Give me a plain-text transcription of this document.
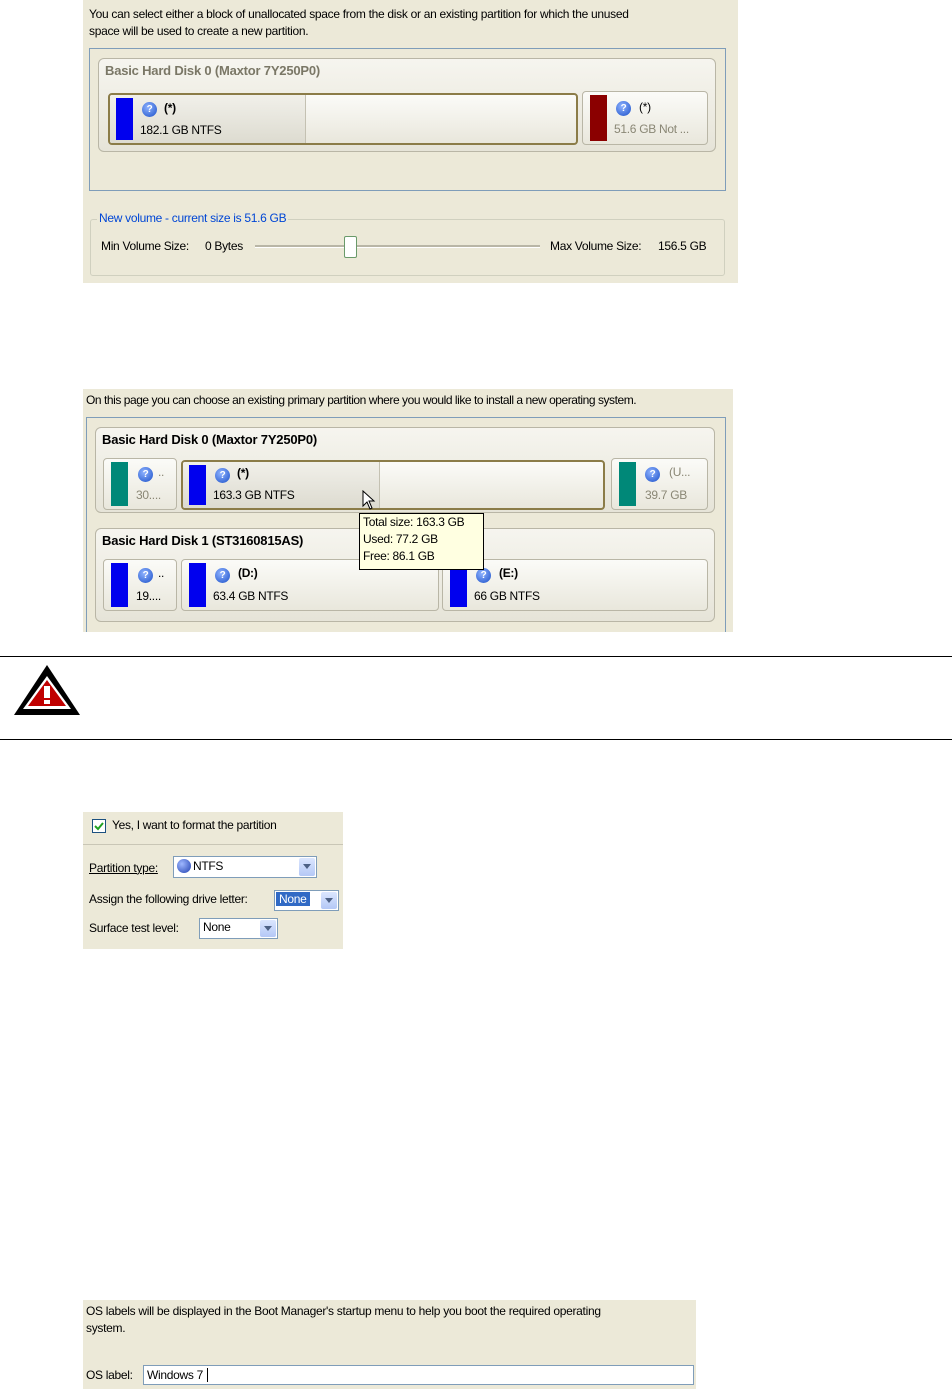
You can select either a block of unallocated space from the disk or an existing partition for which the unused
space will be used to create a new partition.
Basic Hard Disk 0 (Maxtor 7Y250P0)
? (*)
182.1 GB NTFS
?	(*)
51.6 GB Not ...
New volume - current size is 51.6 GB
Min Volume Size: 0 Bytes	Max Volume Size: 156.5 GB
On this page you can choose an existing primary partition where you would like to install a new operating system.
Basic Hard Disk 0 (Maxtor 7Y250P0)
? ..
30....
? (*)
163.3 GB NTFS
?	(U...
39.7 GB
Basic Hard Disk 1 (ST3160815AS)
? ..
19....
?	(D:)
63.4 GB NTFS
?	(E:)
66 GB NTFS
Total size: 163.3 GB
Used: 77.2 GB
Free: 86.1 GB
Yes, I want to format the partition
Partition type:	NTFS
Assign the following drive letter:	None
Surface test level: None
OS labels will be displayed in the Boot Manager's startup menu to help you boot the required operating
system.
OS label: Windows 7
